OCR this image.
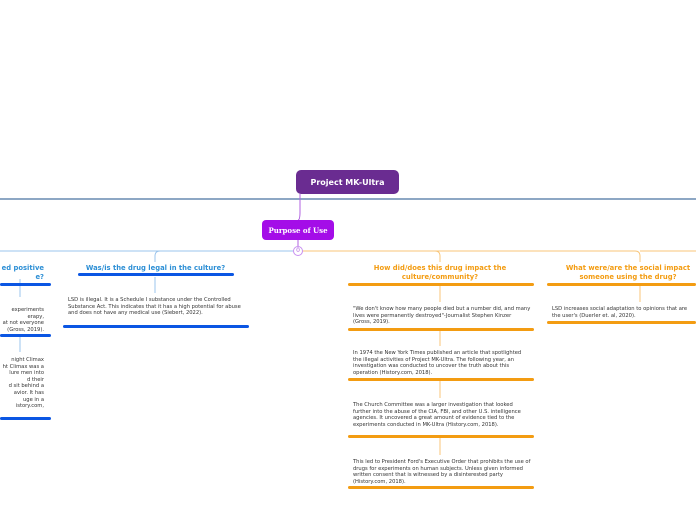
Project MK-Ultra
Purpose of Use
0
ed positive
e?
experiments
erapy,
at not everyone
(Gross, 2019).
night Climax
ht Climax was a
lure men into
d their
d sit behind a
avior. It has
uge in a
istory.com,
Was/is the drug legal in the culture?
LSD is illegal. It is a Schedule I substance under the Controlled Substance Act. This indicates that it has a high potential for abuse and does not have any medical use (Siebert, 2022).
How did/does this drug impact the
culture/community?
"We don't know how many people died but a number did, and many lives were permanently destroyed"-Journalist Stephen Kinzer (Gross, 2019).
In 1974 the New York Times published an article that spotlighted the illegal activities of Project MK-Ultra. The following year, an investigation was conducted to uncover the truth about this operation (History.com, 2018).
The Church Committee was a larger investigation that looked further into the abuse of the CIA, FBI, and other U.S. intelligence agencies. It uncovered a great amount of evidence tied to the experiments conducted in MK-Ultra (History.com, 2018).
This led to President Ford's Executive Order that prohibits the use of drugs for experiments on human subjects. Unless given informed written consent that is witnessed by a disinterested party (History.com, 2018).
What were/are the social impact
someone using the drug?
LSD increases social adaptation to opinions that are the user's (Duerler et. al, 2020).
